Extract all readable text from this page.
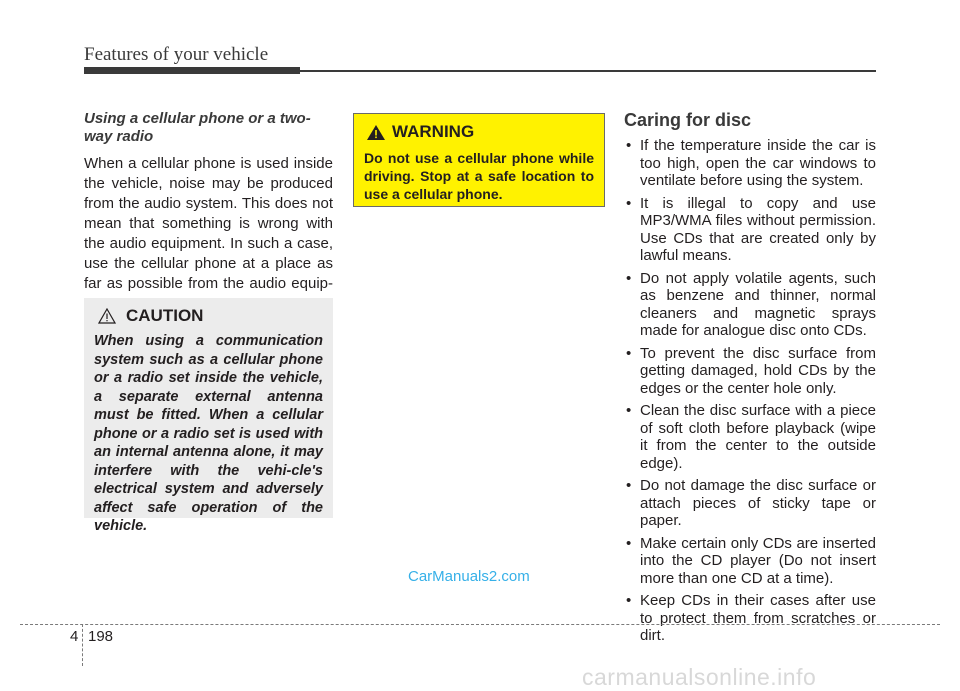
Features of your vehicle

Using a cellular phone or a two-way radio

When a cellular phone is used inside the vehicle, noise may be produced from the audio system. This does not mean that something is wrong with the audio equipment. In such a case, use the cellular phone at a place as far as possible from the audio equip-

CAUTION
When using a communication system such as a cellular phone or a radio set inside the vehicle, a separate external antenna must be fitted. When a cellular phone or a radio set is used with an internal antenna alone, it may interfere with the vehi-cle's electrical system and adversely affect safe operation of the vehicle.
WARNING
Do not use a cellular phone while driving. Stop at a safe location to use a cellular phone.
Caring for disc
• If the temperature inside the car is too high, open the car windows to ventilate before using the system.
• It is illegal to copy and use MP3/WMA files without permission. Use CDs that are created only by lawful means.
• Do not apply volatile agents, such as benzene and thinner, normal cleaners and magnetic sprays made for analogue disc onto CDs.
• To prevent the disc surface from getting damaged, hold CDs by the edges or the center hole only.
• Clean the disc surface with a piece of soft cloth before playback (wipe it from the center to the outside edge).
• Do not damage the disc surface or attach pieces of sticky tape or paper.
• Make certain only CDs are inserted into the CD player (Do not insert more than one CD at a time).
• Keep CDs in their cases after use to protect them from scratches or dirt.
CarManuals2.com
4 198
carmanualsonline.info
